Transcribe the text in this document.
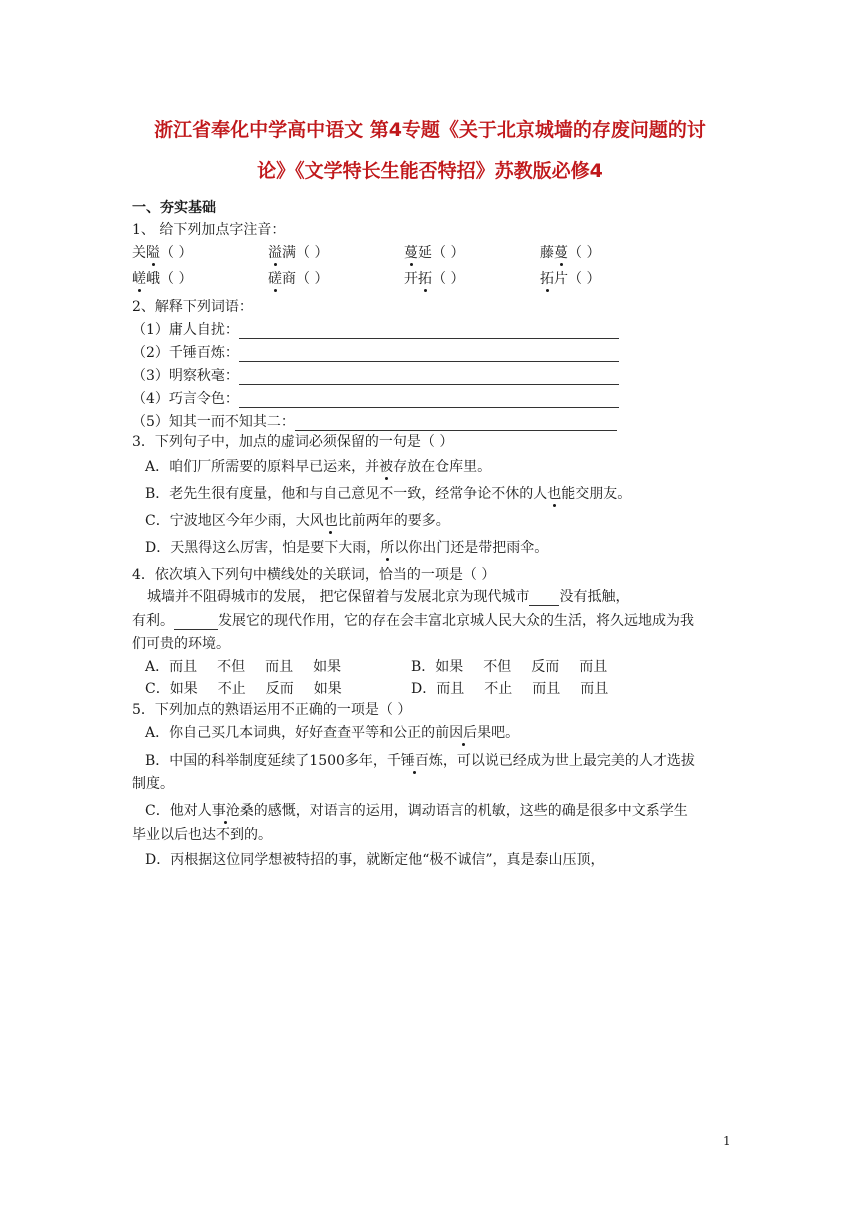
浙江省奉化中学高中语文 第4专题《关于北京城墙的存废问题的讨
论》《文学特长生能否特招》苏教版必修4
一、夯实基础
1、 给下列加点字注音：
关隘（ ）	溢满（ ）	蔓延（ ）	藤蔓（ ）
嵯峨（ ）	磋商（ ）	开拓（ ）	拓片（ ）
2、解释下列词语：
（1）庸人自扰：
（2）千锤百炼：
（3）明察秋毫：
（4）巧言令色：
（5）知其一而不知其二：
3．下列句子中，加点的虚词必须保留的一句是（ ）
A．咱们厂所需要的原料早已运来，并被存放在仓库里。
B．老先生很有度量，他和与自己意见不一致，经常争论不休的人也能交朋友。
C．宁波地区今年少雨，大风也比前两年的要多。
D．天黑得这么厉害，怕是要下大雨，所以你出门还是带把雨伞。
4．依次填入下列句中横线处的关联词，恰当的一项是（ ）
城墙并不阻碍城市的发展， 把它保留着与发展北京为现代城市 没有抵触，
有利。	发展它的现代作用，它的存在会丰富北京城人民大众的生活，将久远地成为我
们可贵的环境。
A．而且 不但 而且 如果	B．如果 不但 反而 而且
C．如果 不止 反而 如果	D．而且 不止 而且 而且
5．下列加点的熟语运用不正确的一项是（ ）
A．你自己买几本词典，好好查查平等和公正的前因后果吧。
B．中国的科举制度延续了1500多年，千锤百炼，可以说已经成为世上最完美的人才选拔
制度。
C．他对人事沧桑的感慨，对语言的运用，调动语言的机敏，这些的确是很多中文系学生
毕业以后也达不到的。
D．丙根据这位同学想被特招的事，就断定他“极不诚信”，真是泰山压顶，
1
